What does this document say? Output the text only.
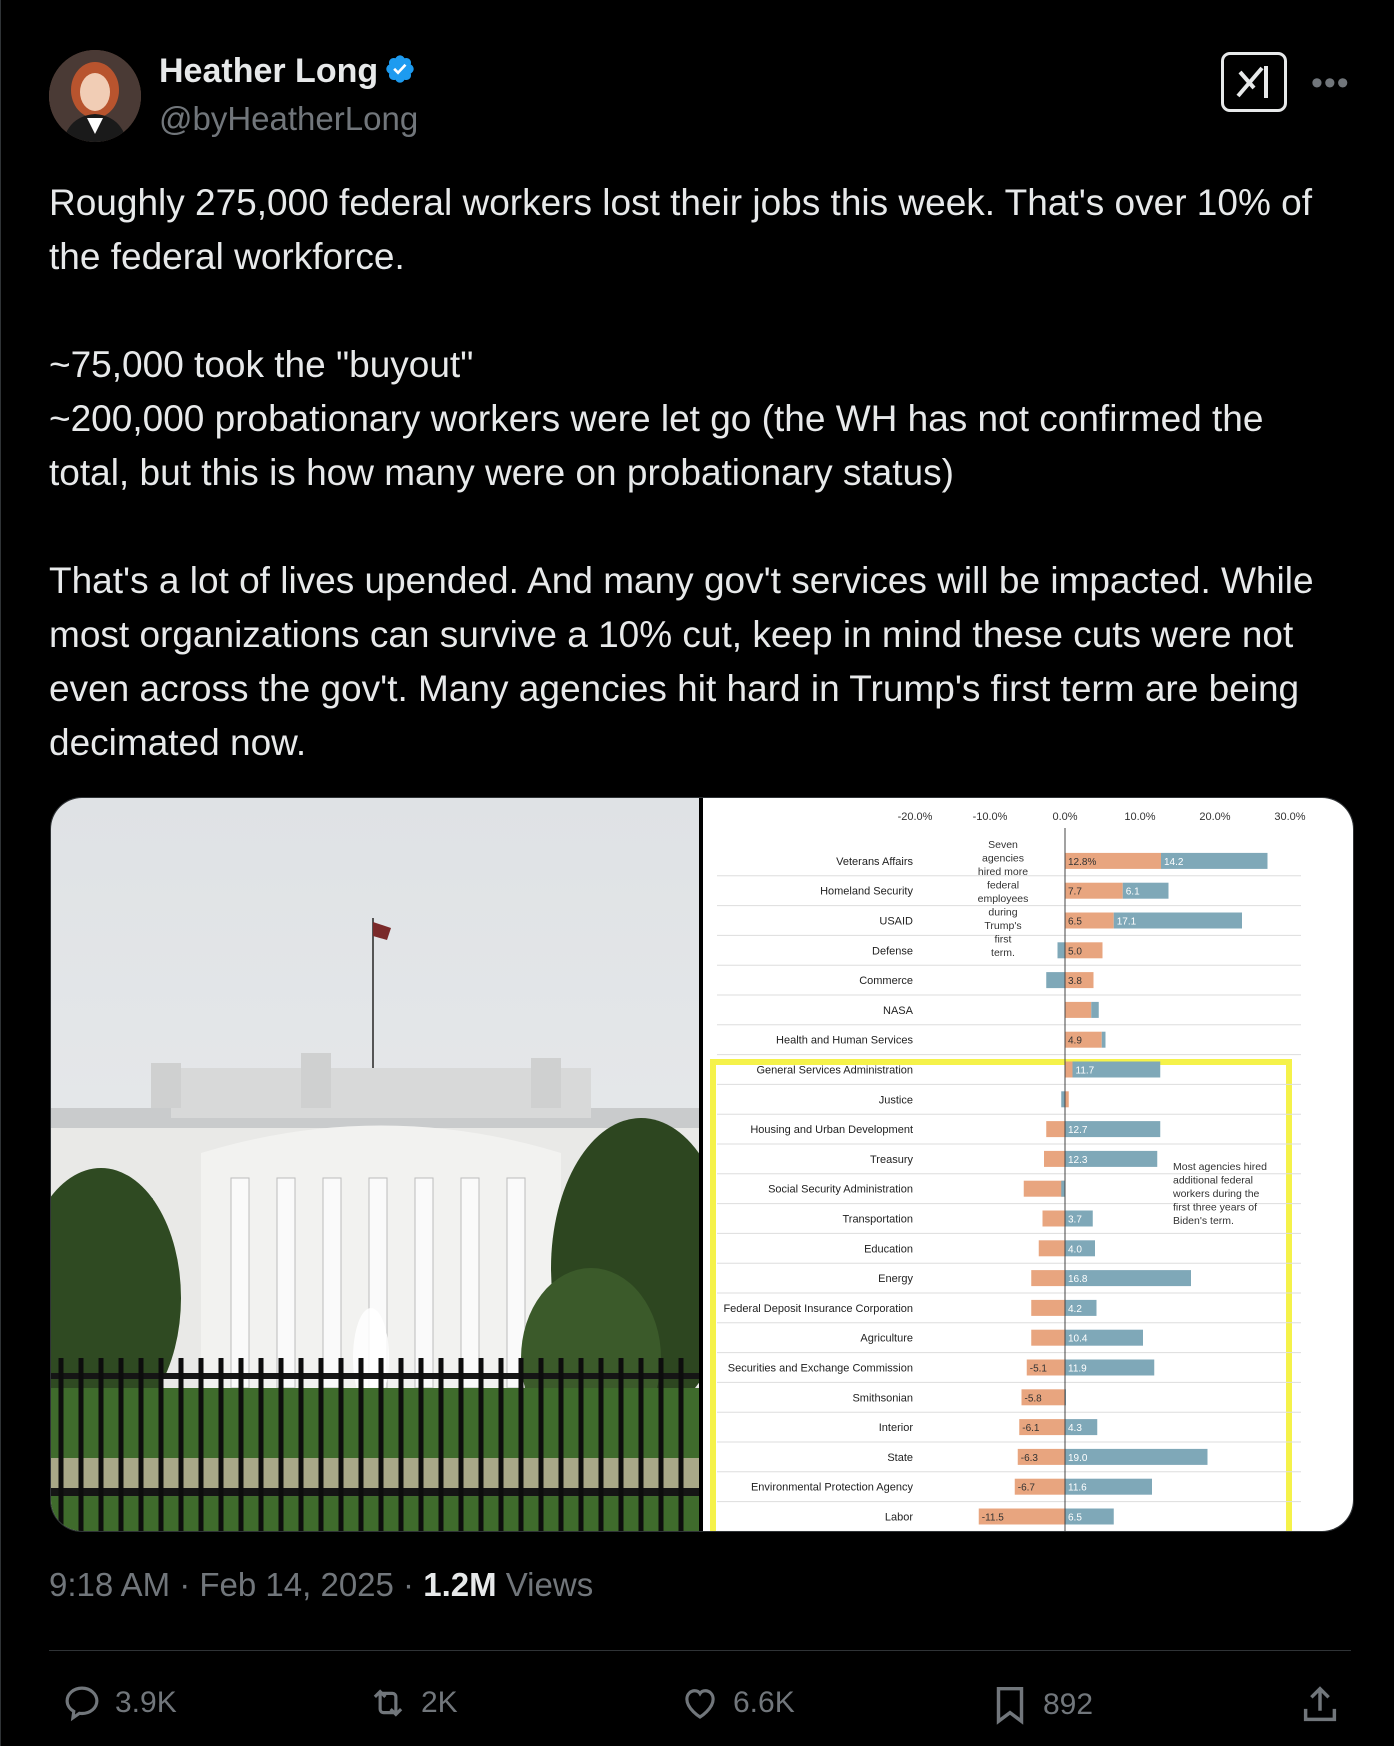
Heather Long
@byHeatherLong
•••
Roughly 275,000 federal workers lost their jobs this week. That's over 10% of the federal workforce.

~75,000 took the "buyout"
~200,000 probationary workers were let go (the WH has not confirmed the total, but this is how many were on probationary status)

That's a lot of lives upended. And many gov't services will be impacted. While most organizations can survive a 10% cut, keep in mind these cuts were not even across the gov't. Many agencies hit hard in Trump's first term are being decimated now.
-20.0%	-10.0%	0.0%	10.0%	20.0%	30.0%
Veterans Affairs	12.8%	14.2
Homeland Security	7.7	6.1
USAID	6.5	17.1
Defense	5.0
Commerce	3.8
NASA
Health and Human Services	4.9
General Services Administration	11.7
Justice
Housing and Urban Development	12.7
Treasury	12.3
Social Security Administration
Transportation	3.7
Education	4.0
Energy	16.8
Federal Deposit Insurance Corporation	4.2
Agriculture	10.4
Securities and Exchange Commission	-5.1 11.9
Smithsonian	-5.8
Interior	-6.1	4.3
State	-6.3	19.0
Environmental Protection Agency	-6.7	11.6
Labor	-11.5	6.5
Seven
agencies
hired more
federal
employees
during
Trump's
first
term.
Most agencies hired
additional federal
workers during the
first three years of
Biden's term.
9:18 AM · Feb 14, 2025 · 1.2M Views
3.9K	2K	6.6K	892
